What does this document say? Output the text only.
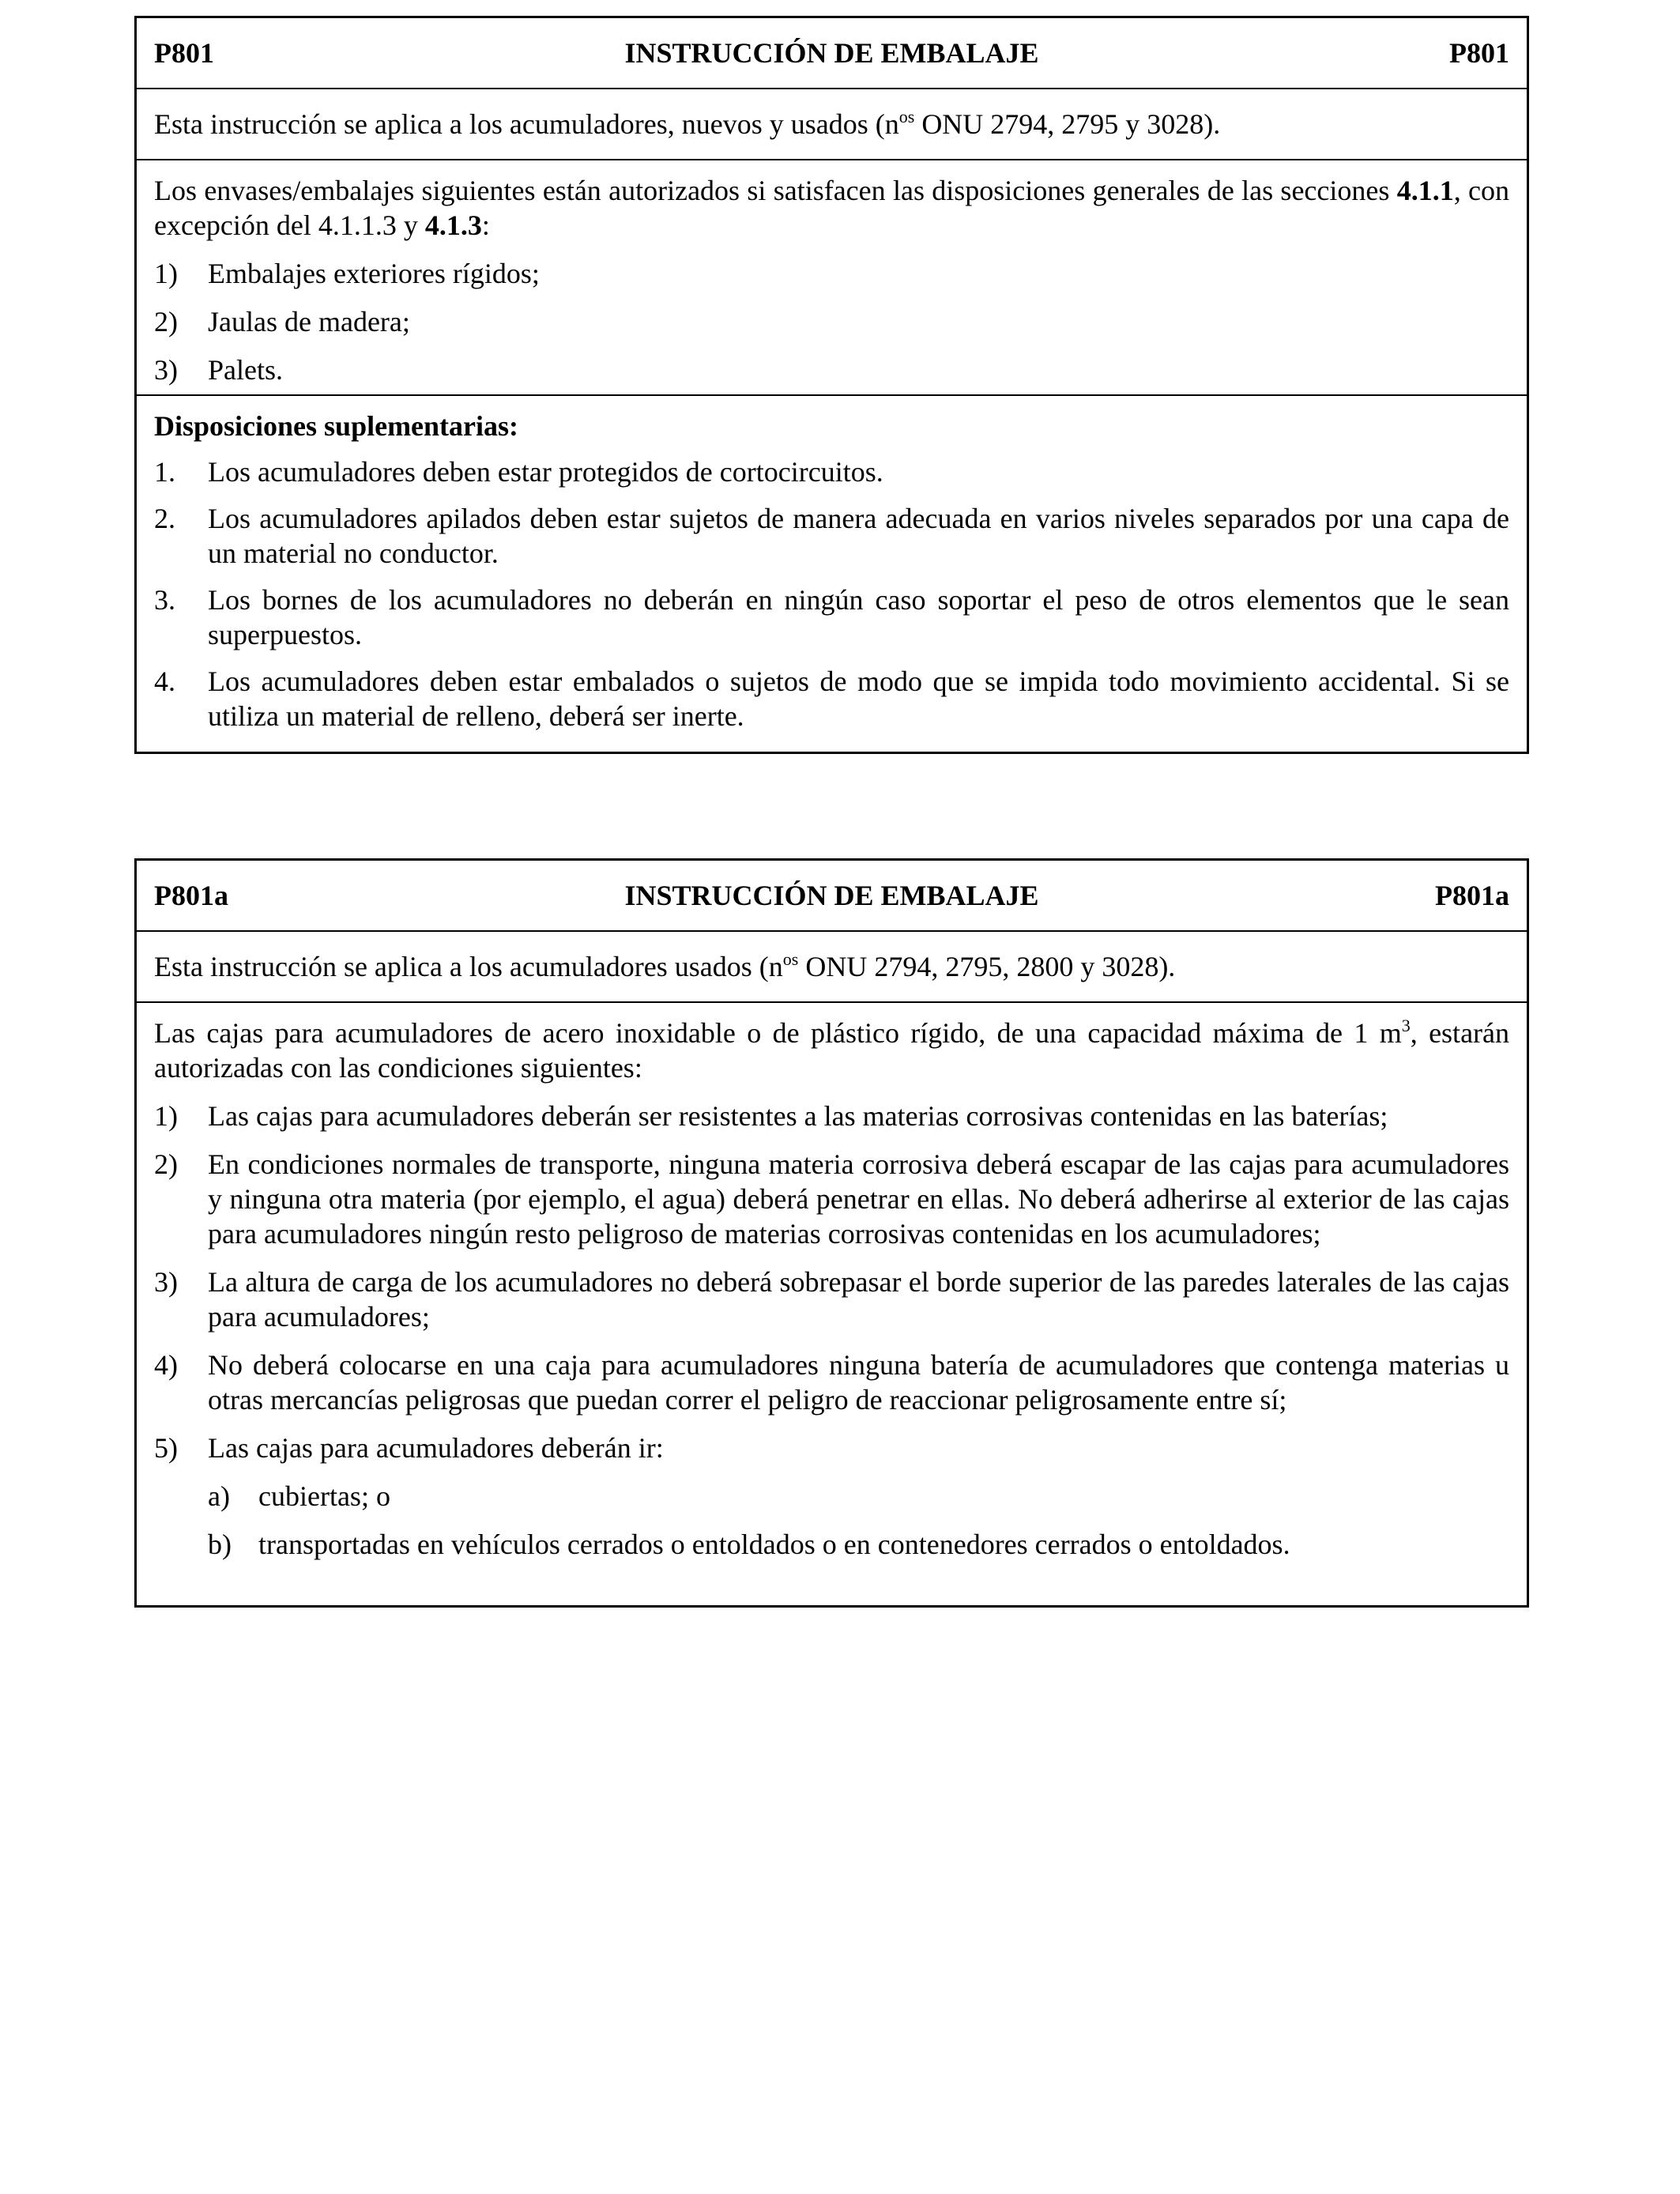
P801	INSTRUCCIÓN DE EMBALAJE	P801
Esta instrucción se aplica a los acumuladores, nuevos y usados ($n^{os}$ ONU 2794, 2795 y 3028).

Los envases/embalajes siguientes están autorizados si satisfacen las disposiciones generales de las secciones 4.1.1, con excepción del 4.1.1.3 y 4.1.3:

1) Embalajes exteriores rígidos;
2) Jaulas de madera;
3) Palets.

Disposiciones suplementarias:

1. Los acumuladores deben estar protegidos de cortocircuitos.
2. Los acumuladores apilados deben estar sujetos de manera adecuada en varios niveles separados por una capa de un material no conductor.
3. Los bornes de los acumuladores no deberán en ningún caso soportar el peso de otros elementos que le sean superpuestos.
4. Los acumuladores deben estar embalados o sujetos de modo que se impida todo movimiento accidental. Si se utiliza un material de relleno, deberá ser inerte.
P801a	INSTRUCCIÓN DE EMBALAJE	P801a
Esta instrucción se aplica a los acumuladores usados ($n^{os}$ ONU 2794, 2795, 2800 y 3028).

Las cajas para acumuladores de acero inoxidable o de plástico rígido, de una capacidad máxima de 1 $m^3$, estarán autorizadas con las condiciones siguientes:

1) Las cajas para acumuladores deberán ser resistentes a las materias corrosivas contenidas en las baterías;
2) En condiciones normales de transporte, ninguna materia corrosiva deberá escapar de las cajas para acumuladores y ninguna otra materia (por ejemplo, el agua) deberá penetrar en ellas. No deberá adherirse al exterior de las cajas para acumuladores ningún resto peligroso de materias corrosivas contenidas en los acumuladores;
3) La altura de carga de los acumuladores no deberá sobrepasar el borde superior de las paredes laterales de las cajas para acumuladores;
4) No deberá colocarse en una caja para acumuladores ninguna batería de acumuladores que contenga materias u otras mercancías peligrosas que puedan correr el peligro de reaccionar peligrosamente entre sí;
5) Las cajas para acumuladores deberán ir:
a) cubiertas; o
b) transportadas en vehículos cerrados o entoldados o en contenedores cerrados o entoldados.
